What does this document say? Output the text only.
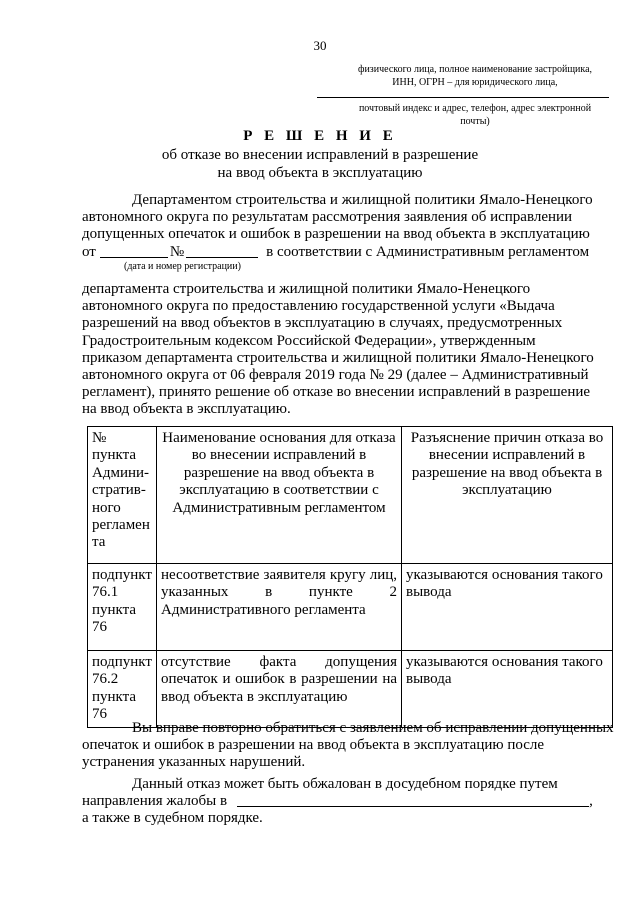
30
физического лица, полное наименование застройщика,
ИНН, ОГРН – для юридического лица,
почтовый индекс и адрес, телефон, адрес электронной
почты)
Р Е Ш Е Н И Е
об отказе во внесении исправлений в разрешение
на ввод объекта в эксплуатацию
Департаментом строительства и жилищной политики Ямало-Ненецкого
автономного округа по результатам рассмотрения заявления об исправлении
допущенных опечаток и ошибок в разрешении на ввод объекта в эксплуатацию
от	№	в соответствии с Административным регламентом
(дата и номер регистрации)
департамента строительства и жилищной политики Ямало-Ненецкого
автономного округа по предоставлению государственной услуги «Выдача
разрешений на ввод объектов в эксплуатацию в случаях, предусмотренных
Градостроительным кодексом Российской Федерации», утвержденным
приказом департамента строительства и жилищной политики Ямало-Ненецкого
автономного округа от 06 февраля 2019 года № 29 (далее – Административный
регламент), принято решение об отказе во внесении исправлений в разрешение
на ввод объекта в эксплуатацию.
№ пункта Админи-стратив-ного регламен та	Наименование основания для отказа во внесении исправлений в разрешение на ввод объекта в эксплуатацию в соответствии с Административным регламентом	Разъяснение причин отказа во внесении исправлений в разрешение на ввод объекта в эксплуатацию
подпункт 76.1 пункта 76	несоответствие заявителя кругу лиц, указанных в пункте 2 Административного регламента	указываются основания такого вывода
подпункт 76.2 пункта 76	отсутствие факта допущения опечаток и ошибок в разрешении на ввод объекта в эксплуатацию	указываются основания такого вывода
Вы вправе повторно обратиться с заявлением об исправлении допущенных
опечаток и ошибок в разрешении на ввод объекта в эксплуатацию после
устранения указанных нарушений.
Данный отказ может быть обжалован в досудебном порядке путем
направления жалобы в	,
а также в судебном порядке.
